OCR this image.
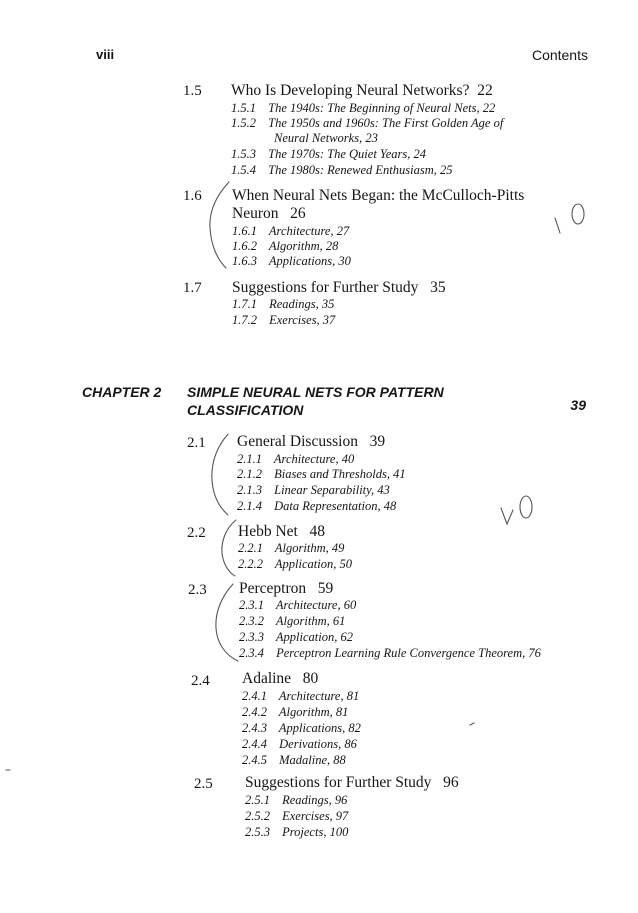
viii	Contents
1.5 Who Is Developing Neural Networks? 22
1.5.1 The 1940s: The Beginning of Neural Nets, 22
1.5.2 The 1950s and 1960s: The First Golden Age of
Neural Networks, 23
1.5.3 The 1970s: The Quiet Years, 24
1.5.4 The 1980s: Renewed Enthusiasm, 25
1.6 When Neural Nets Began: the McCulloch-Pitts
Neuron 26
1.6.1 Architecture, 27
1.6.2 Algorithm, 28
1.6.3 Applications, 30
1.7 Suggestions for Further Study 35
1.7.1 Readings, 35
1.7.2 Exercises, 37
CHAPTER 2 SIMPLE NEURAL NETS FOR PATTERN
CLASSIFICATION	39
2.1 General Discussion 39
2.1.1 Architecture, 40
2.1.2 Biases and Thresholds, 41
2.1.3 Linear Separability, 43
2.1.4 Data Representation, 48
2.2 Hebb Net 48
2.2.1 Algorithm, 49
2.2.2 Application, 50
2.3 Perceptron 59
2.3.1 Architecture, 60
2.3.2 Algorithm, 61
2.3.3 Application, 62
2.3.4 Perceptron Learning Rule Convergence Theorem, 76
2.4 Adaline 80
2.4.1 Architecture, 81
2.4.2 Algorithm, 81
2.4.3 Applications, 82
2.4.4 Derivations, 86
2.4.5 Madaline, 88
2.5 Suggestions for Further Study 96
2.5.1 Readings, 96
2.5.2 Exercises, 97
2.5.3 Projects, 100
